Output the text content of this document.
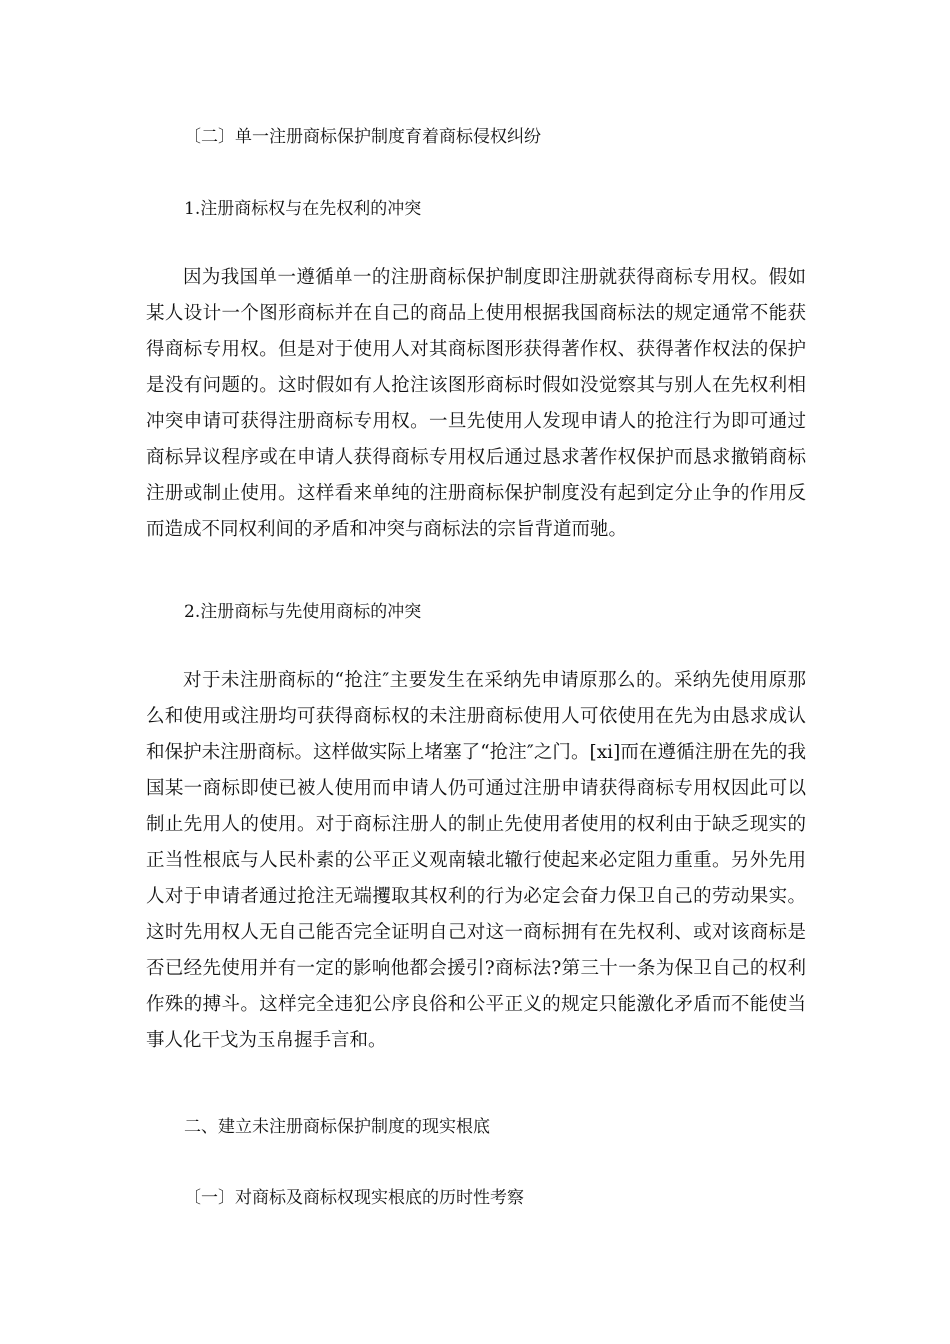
〔二〕单一注册商标保护制度育着商标侵权纠纷
1.注册商标权与在先权利的冲突

因为我国单一遵循单一的注册商标保护制度即注册就获得商标专用权。假如某人设计一个图形商标并在自己的商品上使用根据我国商标法的规定通常不能获得商标专用权。但是对于使用人对其商标图形获得著作权、获得著作权法的保护是没有问题的。这时假如有人抢注该图形商标时假如没觉察其与别人在先权利相冲突申请可获得注册商标专用权。一旦先使用人发现申请人的抢注行为即可通过商标异议程序或在申请人获得商标专用权后通过恳求著作权保护而恳求撤销商标注册或制止使用。这样看来单纯的注册商标保护制度没有起到定分止争的作用反而造成不同权利间的矛盾和冲突与商标法的宗旨背道而驰。

2.注册商标与先使用商标的冲突

对于未注册商标的“抢注″主要发生在采纳先申请原那么的。采纳先使用原那么和使用或注册均可获得商标权的未注册商标使用人可依使用在先为由恳求成认和保护未注册商标。这样做实际上堵塞了“抢注″之门。[xi]而在遵循注册在先的我国某一商标即使已被人使用而申请人仍可通过注册申请获得商标专用权因此可以制止先用人的使用。对于商标注册人的制止先使用者使用的权利由于缺乏现实的正当性根底与人民朴素的公平正义观南辕北辙行使起来必定阻力重重。另外先用人对于申请者通过抢注无端攫取其权利的行为必定会奋力保卫自己的劳动果实。这时先用权人无自己能否完全证明自己对这一商标拥有在先权利、或对该商标是否已经先使用并有一定的影响他都会援引?商标法?第三十一条为保卫自己的权利作殊的搏斗。这样完全违犯公序良俗和公平正义的规定只能激化矛盾而不能使当事人化干戈为玉帛握手言和。

二、建立未注册商标保护制度的现实根底
〔一〕对商标及商标权现实根底的历时性考察
